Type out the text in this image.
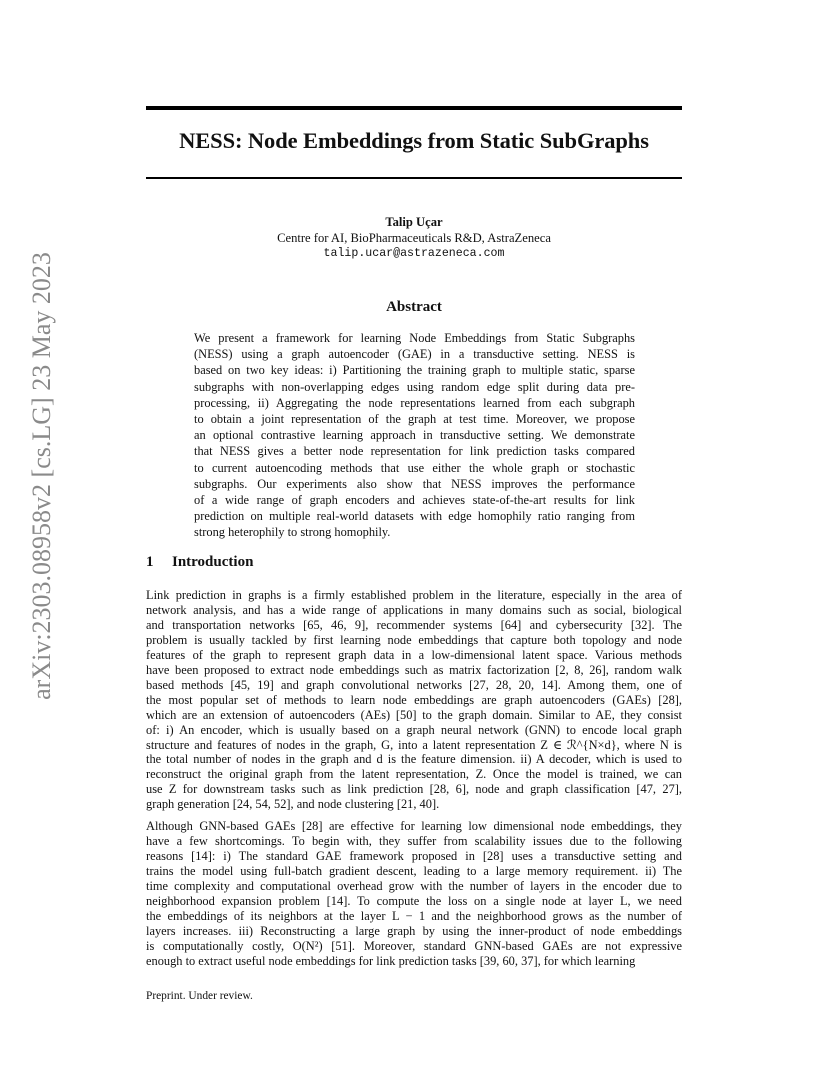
arXiv:2303.08958v2 [cs.LG] 23 May 2023
NESS: Node Embeddings from Static SubGraphs
Talip Uçar
Centre for AI, BioPharmaceuticals R&D, AstraZeneca
talip.ucar@astrazeneca.com
Abstract
We present a framework for learning Node Embeddings from Static Subgraphs
(NESS) using a graph autoencoder (GAE) in a transductive setting. NESS is
based on two key ideas: i) Partitioning the training graph to multiple static, sparse
subgraphs with non-overlapping edges using random edge split during data pre-
processing, ii) Aggregating the node representations learned from each subgraph
to obtain a joint representation of the graph at test time. Moreover, we propose
an optional contrastive learning approach in transductive setting. We demonstrate
that NESS gives a better node representation for link prediction tasks compared
to current autoencoding methods that use either the whole graph or stochastic
subgraphs. Our experiments also show that NESS improves the performance
of a wide range of graph encoders and achieves state-of-the-art results for link
prediction on multiple real-world datasets with edge homophily ratio ranging from
strong heterophily to strong homophily.
1 Introduction
Link prediction in graphs is a firmly established problem in the literature, especially in the area of
network analysis, and has a wide range of applications in many domains such as social, biological
and transportation networks [65, 46, 9], recommender systems [64] and cybersecurity [32]. The
problem is usually tackled by first learning node embeddings that capture both topology and node
features of the graph to represent graph data in a low-dimensional latent space. Various methods
have been proposed to extract node embeddings such as matrix factorization [2, 8, 26], random walk
based methods [45, 19] and graph convolutional networks [27, 28, 20, 14]. Among them, one of
the most popular set of methods to learn node embeddings are graph autoencoders (GAEs) [28],
which are an extension of autoencoders (AEs) [50] to the graph domain. Similar to AE, they consist
of: i) An encoder, which is usually based on a graph neural network (GNN) to encode local graph
structure and features of nodes in the graph, G, into a latent representation Z ∈ ℛ^{N×d}, where N is
the total number of nodes in the graph and d is the feature dimension. ii) A decoder, which is used to
reconstruct the original graph from the latent representation, Z. Once the model is trained, we can
use Z for downstream tasks such as link prediction [28, 6], node and graph classification [47, 27],
graph generation [24, 54, 52], and node clustering [21, 40].
Although GNN-based GAEs [28] are effective for learning low dimensional node embeddings, they
have a few shortcomings. To begin with, they suffer from scalability issues due to the following
reasons [14]: i) The standard GAE framework proposed in [28] uses a transductive setting and
trains the model using full-batch gradient descent, leading to a large memory requirement. ii) The
time complexity and computational overhead grow with the number of layers in the encoder due to
neighborhood expansion problem [14]. To compute the loss on a single node at layer L, we need
the embeddings of its neighbors at the layer L − 1 and the neighborhood grows as the number of
layers increases. iii) Reconstructing a large graph by using the inner-product of node embeddings
is computationally costly, O(N²) [51]. Moreover, standard GNN-based GAEs are not expressive
enough to extract useful node embeddings for link prediction tasks [39, 60, 37], for which learning
Preprint. Under review.
